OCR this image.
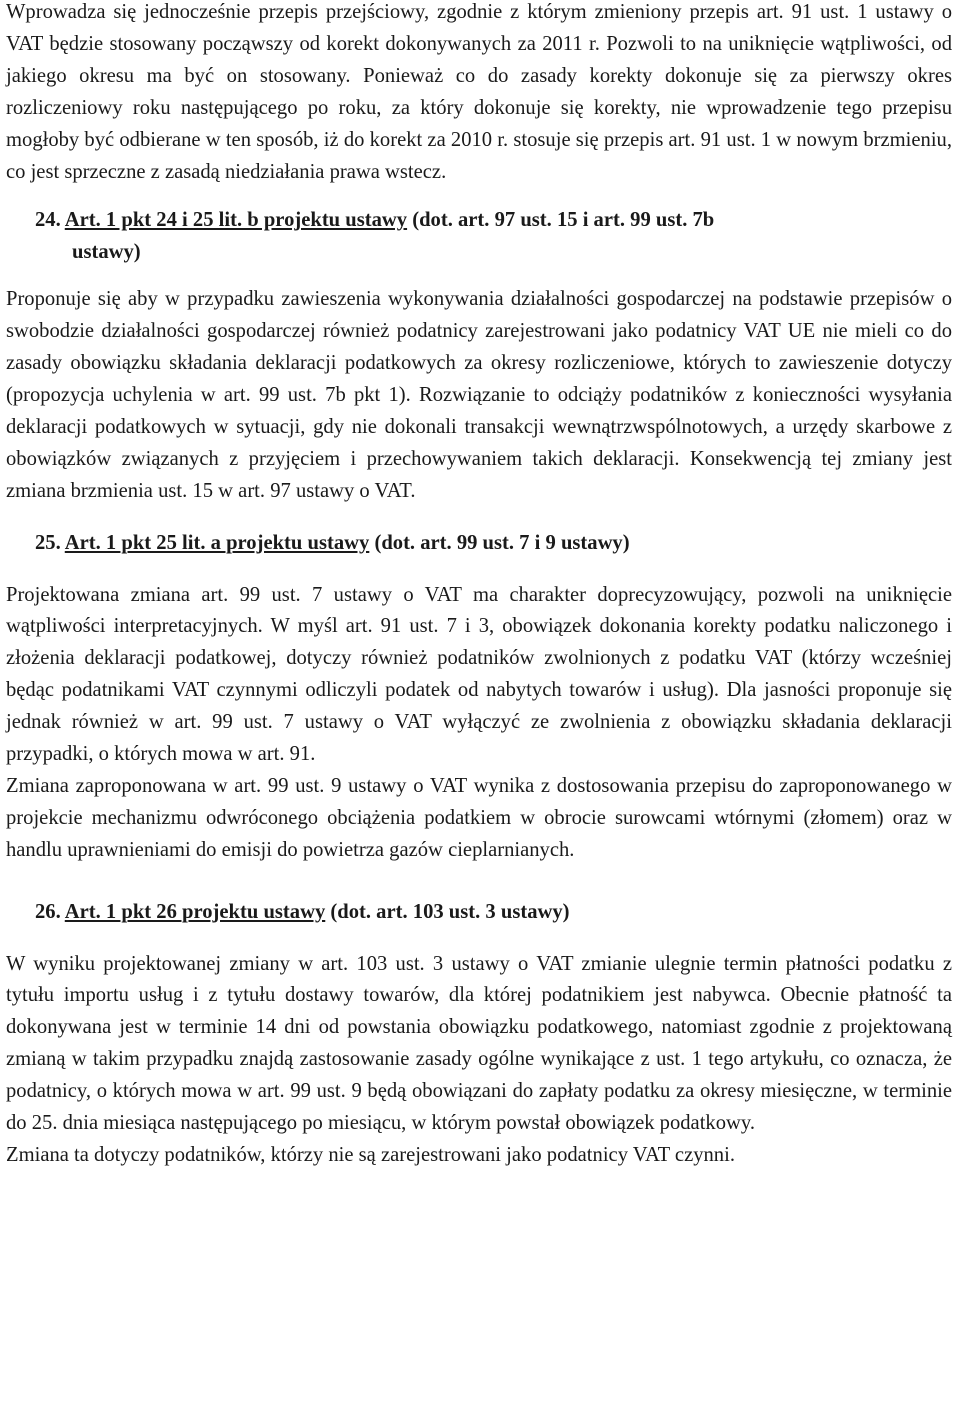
Wprowadza się jednocześnie przepis przejściowy, zgodnie z którym zmieniony przepis art. 91 ust. 1 ustawy o VAT będzie stosowany począwszy od korekt dokonywanych za 2011 r. Pozwoli to na uniknięcie wątpliwości, od jakiego okresu ma być on stosowany. Ponieważ co do zasady korekty dokonuje się za pierwszy okres rozliczeniowy roku następującego po roku, za który dokonuje się korekty, nie wprowadzenie tego przepisu mogłoby być odbierane w ten sposób, iż do korekt za 2010 r. stosuje się przepis art. 91 ust. 1 w nowym brzmieniu, co jest sprzeczne z zasadą niedziałania prawa wstecz.

24. Art. 1 pkt 24 i 25 lit. b projektu ustawy (dot. art. 97 ust. 15 i art. 99 ust. 7b
ustawy)

Proponuje się aby w przypadku zawieszenia wykonywania działalności gospodarczej na podstawie przepisów o swobodzie działalności gospodarczej również podatnicy zarejestrowani jako podatnicy VAT UE nie mieli co do zasady obowiązku składania deklaracji podatkowych za okresy rozliczeniowe, których to zawieszenie dotyczy (propozycja uchylenia w art. 99 ust. 7b pkt 1). Rozwiązanie to odciąży podatników z konieczności wysyłania deklaracji podatkowych w sytuacji, gdy nie dokonali transakcji wewnątrzwspólnotowych, a urzędy skarbowe z obowiązków związanych z przyjęciem i przechowywaniem takich deklaracji. Konsekwencją tej zmiany jest zmiana brzmienia ust. 15 w art. 97 ustawy o VAT.

25. Art. 1 pkt 25 lit. a projektu ustawy (dot. art. 99 ust. 7 i 9 ustawy)

Projektowana zmiana art. 99 ust. 7 ustawy o VAT ma charakter doprecyzowujący, pozwoli na uniknięcie wątpliwości interpretacyjnych. W myśl art. 91 ust. 7 i 3, obowiązek dokonania korekty podatku naliczonego i złożenia deklaracji podatkowej, dotyczy również podatników zwolnionych z podatku VAT (którzy wcześniej będąc podatnikami VAT czynnymi odliczyli podatek od nabytych towarów i usług). Dla jasności proponuje się jednak również w art. 99 ust. 7 ustawy o VAT wyłączyć ze zwolnienia z obowiązku składania deklaracji przypadki, o których mowa w art. 91.

Zmiana zaproponowana w art. 99 ust. 9 ustawy o VAT wynika z dostosowania przepisu do zaproponowanego w projekcie mechanizmu odwróconego obciążenia podatkiem w obrocie surowcami wtórnymi (złomem) oraz w handlu uprawnieniami do emisji do powietrza gazów cieplarnianych.

26. Art. 1 pkt 26 projektu ustawy (dot. art. 103 ust. 3 ustawy)

W wyniku projektowanej zmiany w art. 103 ust. 3 ustawy o VAT zmianie ulegnie termin płatności podatku z tytułu importu usług i z tytułu dostawy towarów, dla której podatnikiem jest nabywca. Obecnie płatność ta dokonywana jest w terminie 14 dni od powstania obowiązku podatkowego, natomiast zgodnie z projektowaną zmianą w takim przypadku znajdą zastosowanie zasady ogólne wynikające z ust. 1 tego artykułu, co oznacza, że podatnicy, o których mowa w art. 99 ust. 9 będą obowiązani do zapłaty podatku za okresy miesięczne, w terminie do 25. dnia miesiąca następującego po miesiącu, w którym powstał obowiązek podatkowy.

Zmiana ta dotyczy podatników, którzy nie są zarejestrowani jako podatnicy VAT czynni.
